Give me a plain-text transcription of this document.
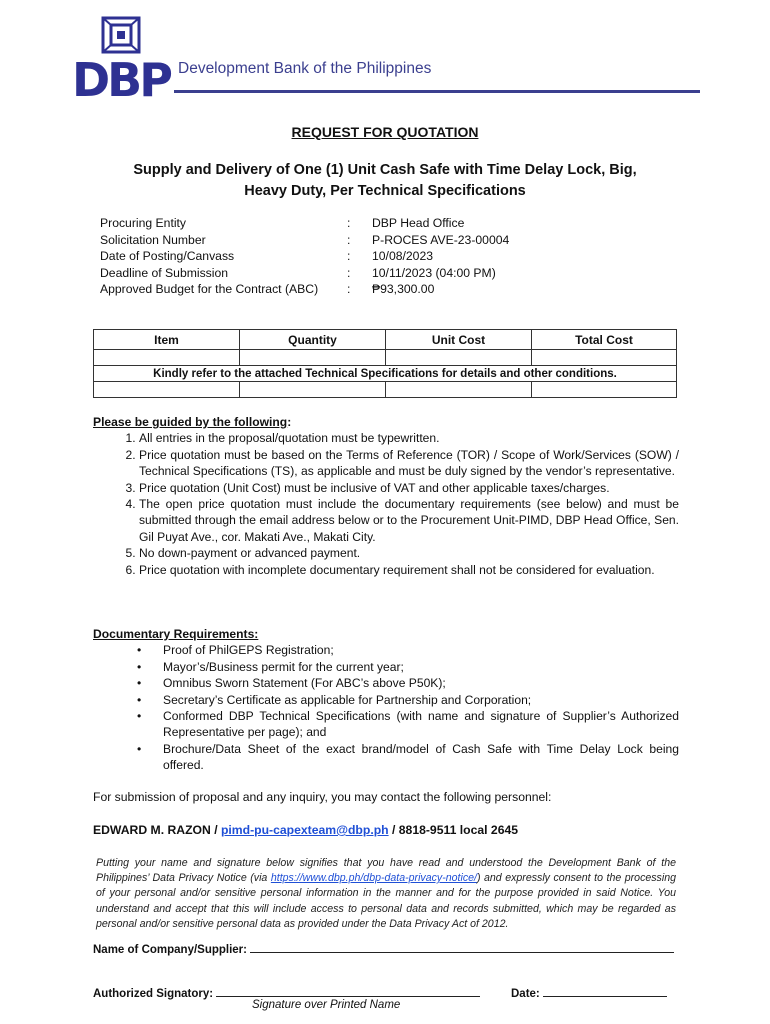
DBP Development Bank of the Philippines
REQUEST FOR QUOTATION
Supply and Delivery of One (1) Unit Cash Safe with Time Delay Lock, Big,
Heavy Duty, Per Technical Specifications
Procuring Entity	: DBP Head Office
Solicitation Number	: P-ROCES AVE-23-00004
Date of Posting/Canvass	: 10/08/2023
Deadline of Submission	: 10/11/2023 (04:00 PM)
Approved Budget for the Contract (ABC) : ₱93,300.00
Item	Quantity	Unit Cost	Total Cost

Kindly refer to the attached Technical Specifications for details and other conditions.			

Please be guided by the following:
1. All entries in the proposal/quotation must be typewritten.
2. Price quotation must be based on the Terms of Reference (TOR) / Scope of Work/Services (SOW) / Technical Specifications (TS), as applicable and must be duly signed by the vendor’s representative.
3. Price quotation (Unit Cost) must be inclusive of VAT and other applicable taxes/charges.
4. The open price quotation must include the documentary requirements (see below) and must be submitted through the email address below or to the Procurement Unit-PIMD, DBP Head Office, Sen. Gil Puyat Ave., cor. Makati Ave., Makati City.
5. No down-payment or advanced payment.
6. Price quotation with incomplete documentary requirement shall not be considered for evaluation.
Documentary Requirements:
• Proof of PhilGEPS Registration;
• Mayor’s/Business permit for the current year;
• Omnibus Sworn Statement (For ABC’s above P50K);
• Secretary’s Certificate as applicable for Partnership and Corporation;
• Conformed DBP Technical Specifications (with name and signature of Supplier’s Authorized Representative per page); and
• Brochure/Data Sheet of the exact brand/model of Cash Safe with Time Delay Lock being offered.
For submission of proposal and any inquiry, you may contact the following personnel:
EDWARD M. RAZON / pimd-pu-capexteam@dbp.ph / 8818-9511 local 2645
Putting your name and signature below signifies that you have read and understood the Development Bank of the Philippines’ Data Privacy Notice (via https://www.dbp.ph/dbp-data-privacy-notice/) and expressly consent to the processing of your personal and/or sensitive personal information in the manner and for the purpose provided in said Notice. You understand and accept that this will include access to personal data and records submitted, which may be regarded as personal and/or sensitive personal data as provided under the Data Privacy Act of 2012.
Name of Company/Supplier:
Authorized Signatory:	Date:
Signature over Printed Name
